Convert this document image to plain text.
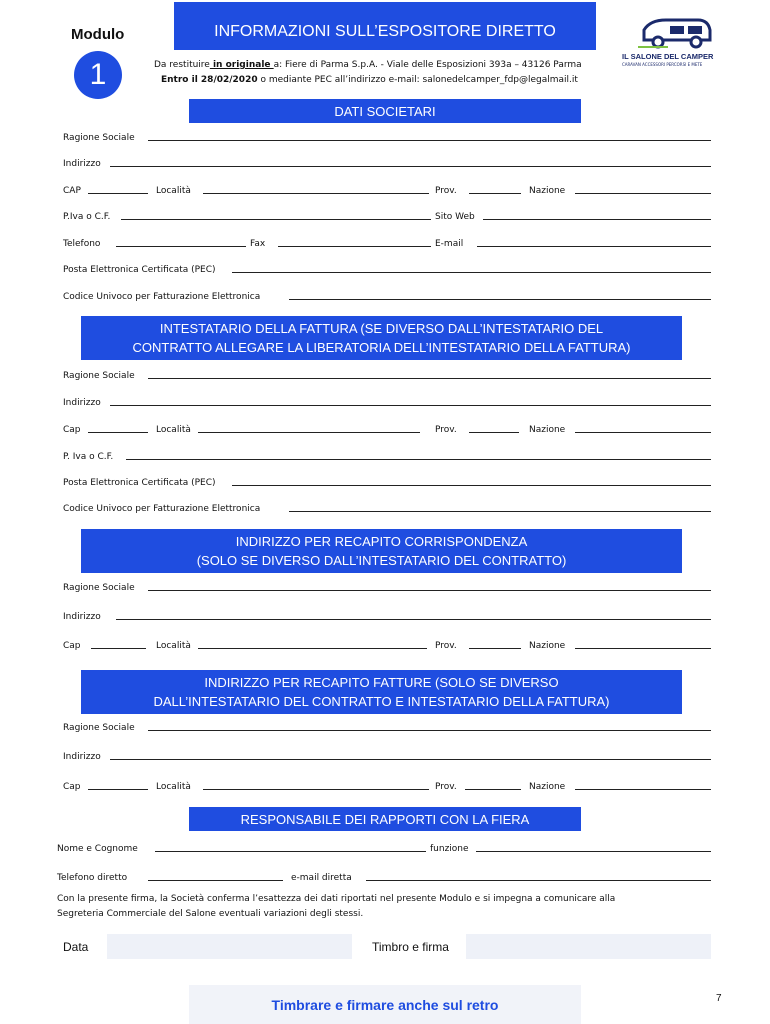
Modulo
1
INFORMAZIONI SULL’ESPOSITORE DIRETTO
Da restituire in originale a: Fiere di Parma S.p.A. - Viale delle Esposizioni 393a – 43126 Parma
Entro il 28/02/2020 o mediante PEC all’indirizzo e-mail: salonedelcamper_fdp@legalmail.it
IL SALONE DEL CAMPER
CARAVAN ACCESSORI PERCORSI E METE
DATI SOCIETARI
Ragione Sociale
Indirizzo
CAP	Località	Prov.	Nazione
P.Iva o C.F.	Sito Web
Telefono	Fax	E-mail
Posta Elettronica Certificata (PEC)
Codice Univoco per Fatturazione Elettronica
INTESTATARIO DELLA FATTURA (SE DIVERSO DALL’INTESTATARIO DEL
CONTRATTO ALLEGARE LA LIBERATORIA DELL’INTESTATARIO DELLA FATTURA)
Ragione Sociale
Indirizzo
Cap	Località	Prov.	Nazione
P. Iva o C.F.
Posta Elettronica Certificata (PEC)
Codice Univoco per Fatturazione Elettronica
INDIRIZZO PER RECAPITO CORRISPONDENZA
(SOLO SE DIVERSO DALL’INTESTATARIO DEL CONTRATTO)
Ragione Sociale
Indirizzo
Cap	Località	Prov.	Nazione
INDIRIZZO PER RECAPITO FATTURE (SOLO SE DIVERSO
DALL’INTESTATARIO DEL CONTRATTO E INTESTATARIO DELLA FATTURA)
Ragione Sociale
Indirizzo
Cap	Località	Prov.	Nazione
RESPONSABILE DEI RAPPORTI CON LA FIERA
Nome e Cognome	funzione
Telefono diretto	e-mail diretta
Con la presente firma, la Società conferma l’esattezza dei dati riportati nel presente Modulo e si impegna a comunicare alla
Segreteria Commerciale del Salone eventuali variazioni degli stessi.
Data	Timbro e firma
Timbrare e firmare anche sul retro	7
